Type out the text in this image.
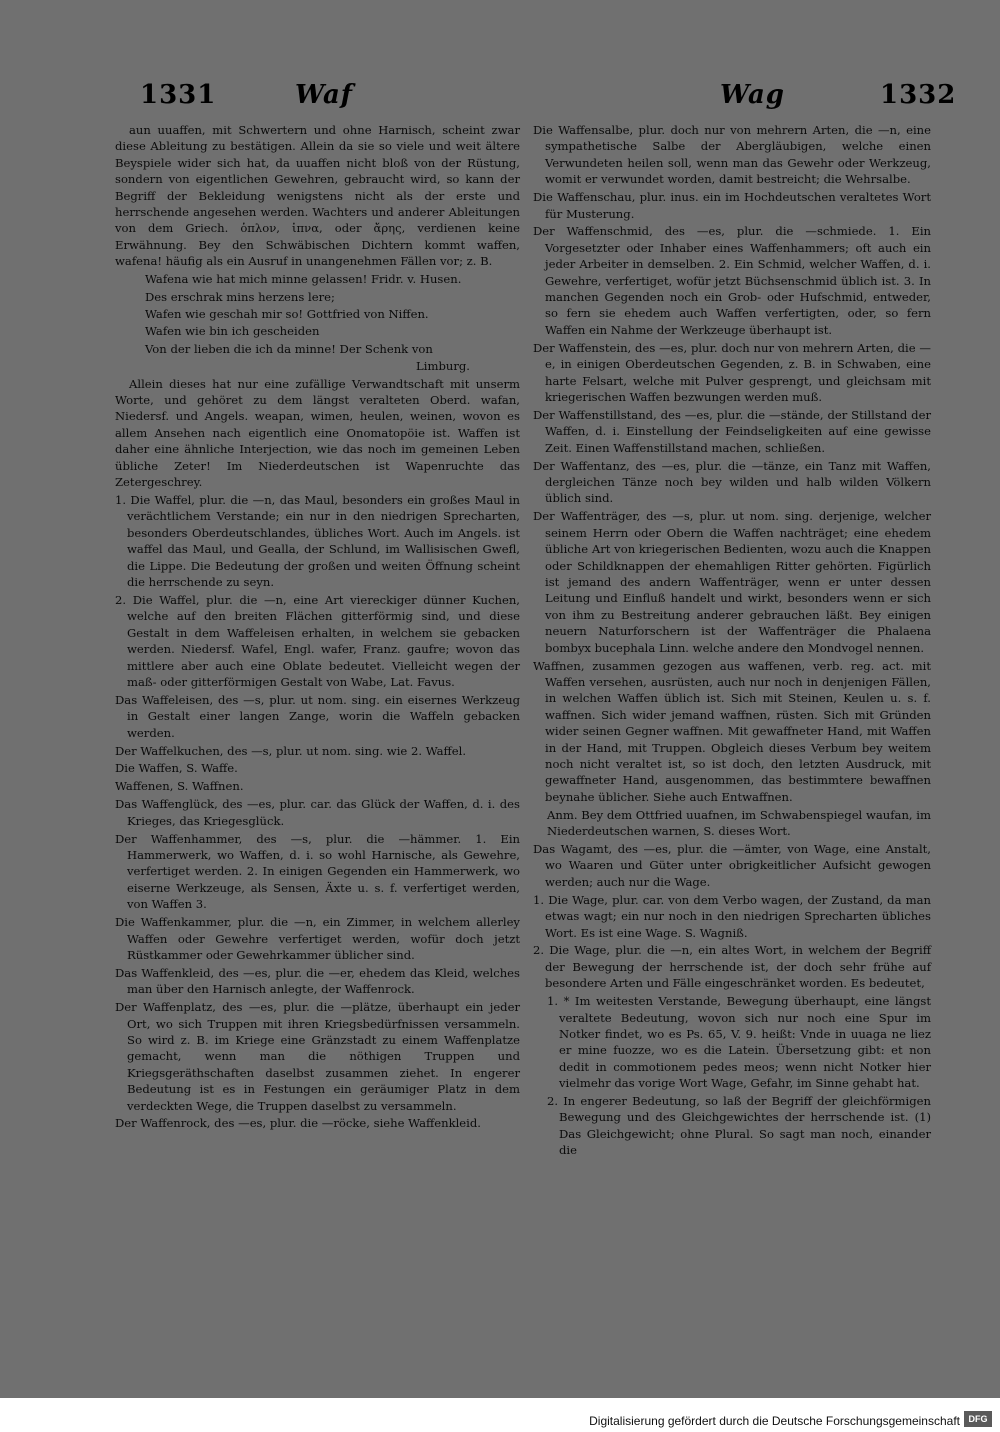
1331	Waf	Wag	1332

aun uuaffen, mit Schwertern und ohne Harnisch, scheint zwar diese Ableitung zu bestätigen. Allein da sie so viele und weit ältere Beyspiele wider sich hat, da uuaffen nicht bloß von der Rüstung, sondern von eigentlichen Gewehren, gebraucht wird, so kann der Begriff der Bekleidung wenigstens nicht als der erste und herrschende angesehen werden. Wachters und anderer Ableitungen von dem Griech. ὁπλον, ἱπνα, oder ἄρης, verdienen keine Erwähnung. Bey den Schwäbischen Dichtern kommt waffen, wafena! häufig als ein Ausruf in unangenehmen Fällen vor; z. B.

Wafena wie hat mich minne gelassen! Fridr. v. Husen.

Des erschrak mins herzens lere;

Wafen wie geschah mir so! Gottfried von Niffen.

Wafen wie bin ich gescheiden

Von der lieben die ich da minne! Der Schenk von

Limburg.

Allein dieses hat nur eine zufällige Verwandtschaft mit unserm Worte, und gehöret zu dem längst veralteten Oberd. wafan, Niedersf. und Angels. weapan, wimen, heulen, weinen, wovon es allem Ansehen nach eigentlich eine Onomatopöie ist. Waffen ist daher eine ähnliche Interjection, wie das noch im gemeinen Leben übliche Zeter! Im Niederdeutschen ist Wapenruchte das Zetergeschrey.

1. Die Waffel, plur. die —n, das Maul, besonders ein großes Maul in verächtlichem Verstande; ein nur in den niedrigen Sprecharten, besonders Oberdeutschlandes, übliches Wort. Auch im Angels. ist waffel das Maul, und Gealla, der Schlund, im Wallisischen Gwefl, die Lippe. Die Bedeutung der großen und weiten Öffnung scheint die herrschende zu seyn.

2. Die Waffel, plur. die —n, eine Art viereckiger dünner Kuchen, welche auf den breiten Flächen gitterförmig sind, und diese Gestalt in dem Waffeleisen erhalten, in welchem sie gebacken werden. Niedersf. Wafel, Engl. wafer, Franz. gaufre; wovon das mittlere aber auch eine Oblate bedeutet. Vielleicht wegen der maß- oder gitterförmigen Gestalt von Wabe, Lat. Favus.

Das Waffeleisen, des —s, plur. ut nom. sing. ein eisernes Werkzeug in Gestalt einer langen Zange, worin die Waffeln gebacken werden.

Der Waffelkuchen, des —s, plur. ut nom. sing. wie 2. Waffel.

Die Waffen, S. Waffe.

Waffenen, S. Waffnen.

Das Waffenglück, des —es, plur. car. das Glück der Waffen, d. i. des Krieges, das Kriegesglück.

Der Waffenhammer, des —s, plur. die —hämmer. 1. Ein Hammerwerk, wo Waffen, d. i. so wohl Harnische, als Gewehre, verfertiget werden. 2. In einigen Gegenden ein Hammerwerk, wo eiserne Werkzeuge, als Sensen, Äxte u. s. f. verfertiget werden, von Waffen 3.

Die Waffenkammer, plur. die —n, ein Zimmer, in welchem allerley Waffen oder Gewehre verfertiget werden, wofür doch jetzt Rüstkammer oder Gewehrkammer üblicher sind.

Das Waffenkleid, des —es, plur. die —er, ehedem das Kleid, welches man über den Harnisch anlegte, der Waffenrock.

Der Waffenplatz, des —es, plur. die —plätze, überhaupt ein jeder Ort, wo sich Truppen mit ihren Kriegsbedürfnissen versammeln. So wird z. B. im Kriege eine Gränzstadt zu einem Waffenplatze gemacht, wenn man die nöthigen Truppen und Kriegsgeräthschaften daselbst zusammen ziehet. In engerer Bedeutung ist es in Festungen ein geräumiger Platz in dem verdeckten Wege, die Truppen daselbst zu versammeln.

Der Waffenrock, des —es, plur. die —röcke, siehe Waffenkleid.

Die Waffensalbe, plur. doch nur von mehrern Arten, die —n, eine sympathetische Salbe der Abergläubigen, welche einen Verwundeten heilen soll, wenn man das Gewehr oder Werkzeug, womit er verwundet worden, damit bestreicht; die Wehrsalbe.

Die Waffenschau, plur. inus. ein im Hochdeutschen veraltetes Wort für Musterung.

Der Waffenschmid, des —es, plur. die —schmiede. 1. Ein Vorgesetzter oder Inhaber eines Waffenhammers; oft auch ein jeder Arbeiter in demselben. 2. Ein Schmid, welcher Waffen, d. i. Gewehre, verfertiget, wofür jetzt Büchsenschmid üblich ist. 3. In manchen Gegenden noch ein Grob- oder Hufschmid, entweder, so fern sie ehedem auch Waffen verfertigten, oder, so fern Waffen ein Nahme der Werkzeuge überhaupt ist.

Der Waffenstein, des —es, plur. doch nur von mehrern Arten, die —e, in einigen Oberdeutschen Gegenden, z. B. in Schwaben, eine harte Felsart, welche mit Pulver gesprengt, und gleichsam mit kriegerischen Waffen bezwungen werden muß.

Der Waffenstillstand, des —es, plur. die —stände, der Stillstand der Waffen, d. i. Einstellung der Feindseligkeiten auf eine gewisse Zeit. Einen Waffenstillstand machen, schließen.

Der Waffentanz, des —es, plur. die —tänze, ein Tanz mit Waffen, dergleichen Tänze noch bey wilden und halb wilden Völkern üblich sind.

Der Waffenträger, des —s, plur. ut nom. sing. derjenige, welcher seinem Herrn oder Obern die Waffen nachträget; eine ehedem übliche Art von kriegerischen Bedienten, wozu auch die Knappen oder Schildknappen der ehemahligen Ritter gehörten. Figürlich ist jemand des andern Waffenträger, wenn er unter dessen Leitung und Einfluß handelt und wirkt, besonders wenn er sich von ihm zu Bestreitung anderer gebrauchen läßt. Bey einigen neuern Naturforschern ist der Waffenträger die Phalaena bombyx bucephala Linn. welche andere den Mondvogel nennen.

Waffnen, zusammen gezogen aus waffenen, verb. reg. act. mit Waffen versehen, ausrüsten, auch nur noch in denjenigen Fällen, in welchen Waffen üblich ist. Sich mit Steinen, Keulen u. s. f. waffnen. Sich wider jemand waffnen, rüsten. Sich mit Gründen wider seinen Gegner waffnen. Mit gewaffneter Hand, mit Waffen in der Hand, mit Truppen. Obgleich dieses Verbum bey weitem noch nicht veraltet ist, so ist doch, den letzten Ausdruck, mit gewaffneter Hand, ausgenommen, das bestimmtere bewaffnen beynahe üblicher. Siehe auch Entwaffnen.

Anm. Bey dem Ottfried uuafnen, im Schwabenspiegel waufan, im Niederdeutschen warnen, S. dieses Wort.

Das Wagamt, des —es, plur. die —ämter, von Wage, eine Anstalt, wo Waaren und Güter unter obrigkeitlicher Aufsicht gewogen werden; auch nur die Wage.

1. Die Wage, plur. car. von dem Verbo wagen, der Zustand, da man etwas wagt; ein nur noch in den niedrigen Sprecharten übliches Wort. Es ist eine Wage. S. Wagniß.

2. Die Wage, plur. die —n, ein altes Wort, in welchem der Begriff der Bewegung der herrschende ist, der doch sehr frühe auf besondere Arten und Fälle eingeschränket worden. Es bedeutet,

1. * Im weitesten Verstande, Bewegung überhaupt, eine längst veraltete Bedeutung, wovon sich nur noch eine Spur im Notker findet, wo es Ps. 65, V. 9. heißt: Vnde in uuaga ne liez er mine fuozze, wo es die Latein. Übersetzung gibt: et non dedit in commotionem pedes meos; wenn nicht Notker hier vielmehr das vorige Wort Wage, Gefahr, im Sinne gehabt hat.

2. In engerer Bedeutung, so laß der Begriff der gleichförmigen Bewegung und des Gleichgewichtes der herrschende ist. (1) Das Gleichgewicht; ohne Plural. So sagt man noch, einander die

Digitalisierung gefördert durch die Deutsche Forschungsgemeinschaft DFG
